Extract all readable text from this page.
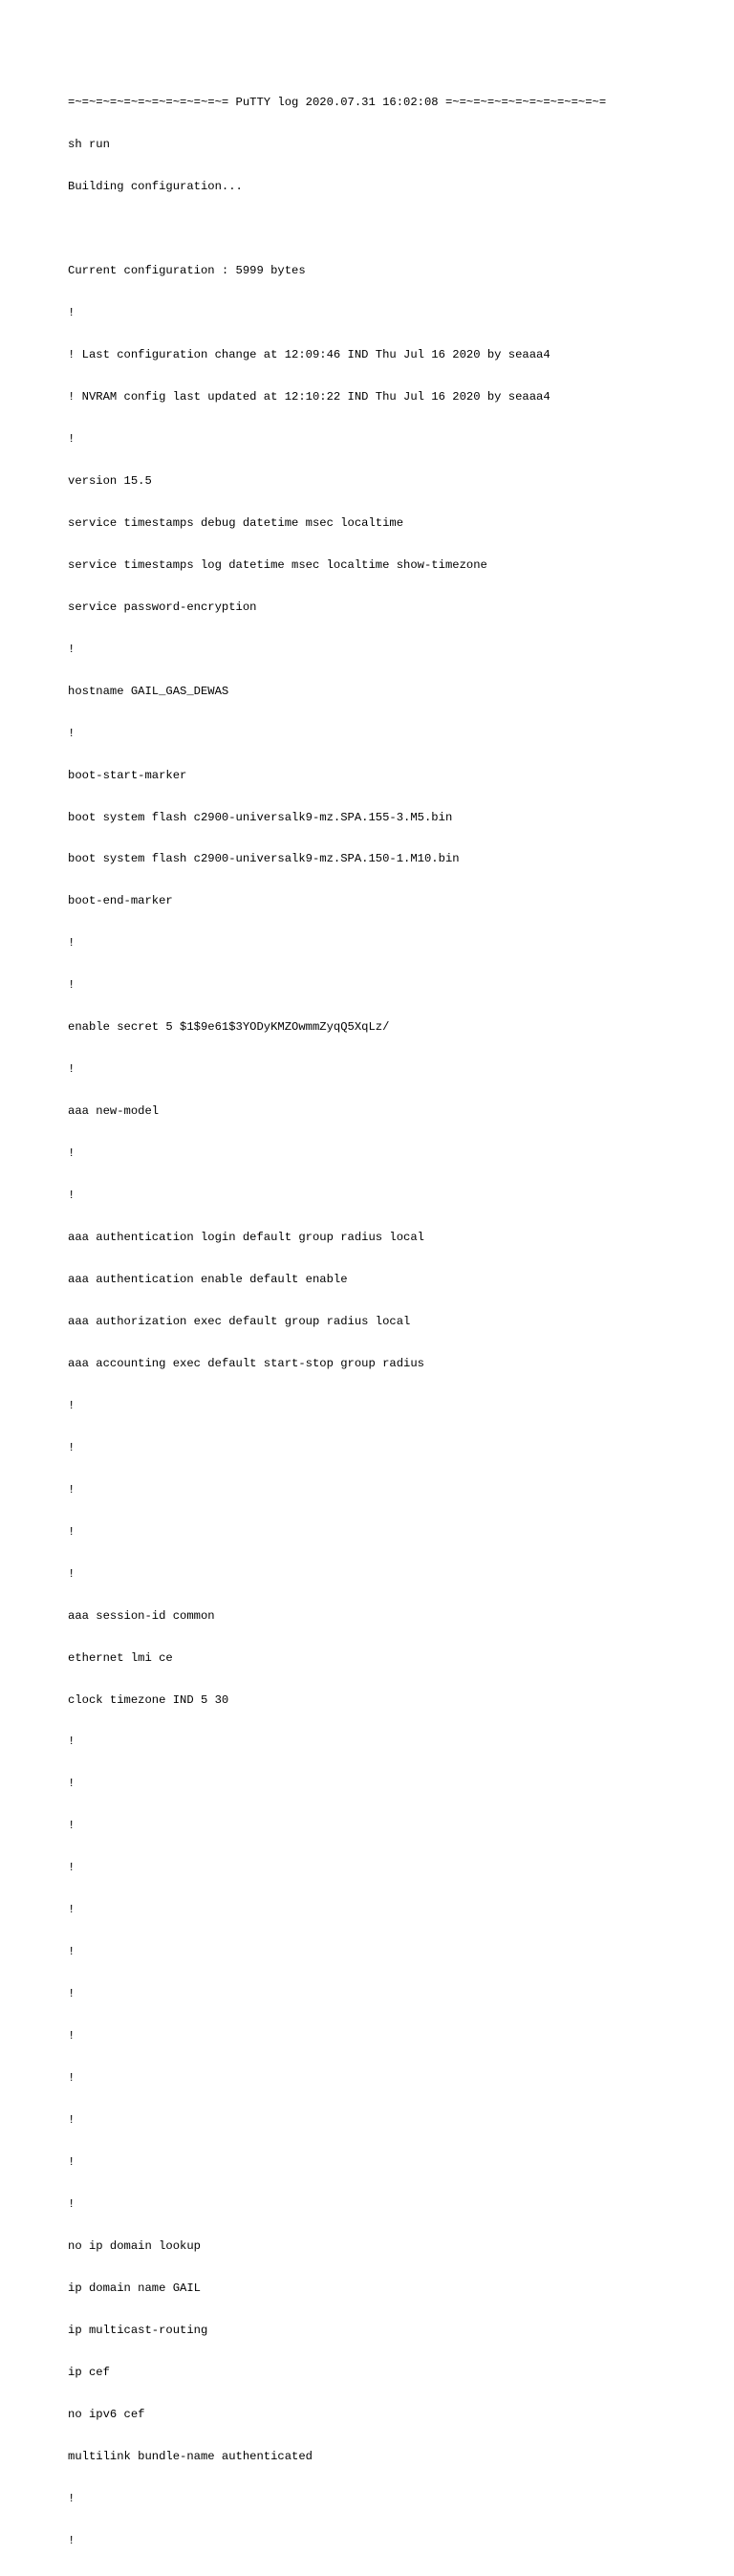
=~=~=~=~=~=~=~=~=~=~=~= PuTTY log 2020.07.31 16:02:08 =~=~=~=~=~=~=~=~=~=~=~=

sh run

Building configuration...

Current configuration : 5999 bytes

!

! Last configuration change at 12:09:46 IND Thu Jul 16 2020 by seaaa4

! NVRAM config last updated at 12:10:22 IND Thu Jul 16 2020 by seaaa4

!

version 15.5

service timestamps debug datetime msec localtime

service timestamps log datetime msec localtime show-timezone

service password-encryption

!

hostname GAIL_GAS_DEWAS

!

boot-start-marker

boot system flash c2900-universalk9-mz.SPA.155-3.M5.bin

boot system flash c2900-universalk9-mz.SPA.150-1.M10.bin

boot-end-marker

!

!

enable secret 5 $1$9e61$3YODyKMZOwmmZyqQ5XqLz/

!

aaa new-model

!

!

aaa authentication login default group radius local

aaa authentication enable default enable

aaa authorization exec default group radius local

aaa accounting exec default start-stop group radius

!

!

!

!

!

aaa session-id common

ethernet lmi ce

clock timezone IND 5 30

!

!

!

!

!

!

!

!

!

!

!

!

no ip domain lookup

ip domain name GAIL

ip multicast-routing

ip cef

no ipv6 cef

multilink bundle-name authenticated

!

!
